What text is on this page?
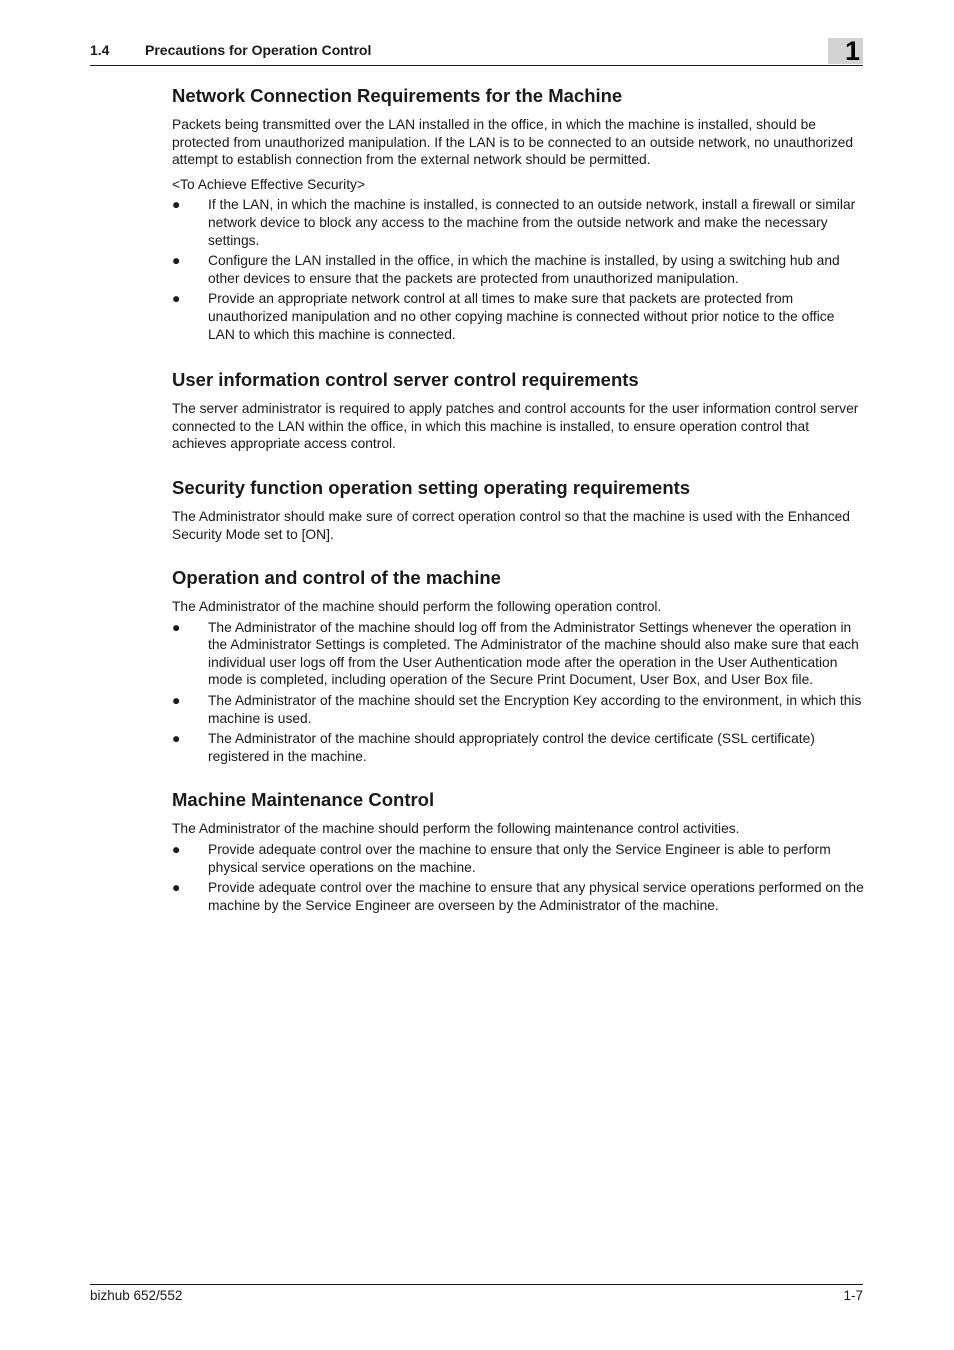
1.4	Precautions for Operation Control	1
Network Connection Requirements for the Machine

Packets being transmitted over the LAN installed in the office, in which the machine is installed, should be protected from unauthorized manipulation. If the LAN is to be connected to an outside network, no unauthorized attempt to establish connection from the external network should be permitted.

<To Achieve Effective Security>

● If the LAN, in which the machine is installed, is connected to an outside network, install a firewall or similar network device to block any access to the machine from the outside network and make the necessary settings.
● Configure the LAN installed in the office, in which the machine is installed, by using a switching hub and other devices to ensure that the packets are protected from unauthorized manipulation.
● Provide an appropriate network control at all times to make sure that packets are protected from unauthorized manipulation and no other copying machine is connected without prior notice to the office LAN to which this machine is connected.
User information control server control requirements

The server administrator is required to apply patches and control accounts for the user information control server connected to the LAN within the office, in which this machine is installed, to ensure operation control that achieves appropriate access control.

Security function operation setting operating requirements

The Administrator should make sure of correct operation control so that the machine is used with the Enhanced Security Mode set to [ON].

Operation and control of the machine

The Administrator of the machine should perform the following operation control.

● The Administrator of the machine should log off from the Administrator Settings whenever the operation in the Administrator Settings is completed. The Administrator of the machine should also make sure that each individual user logs off from the User Authentication mode after the operation in the User Authentication mode is completed, including operation of the Secure Print Document, User Box, and User Box file.
● The Administrator of the machine should set the Encryption Key according to the environment, in which this machine is used.
● The Administrator of the machine should appropriately control the device certificate (SSL certificate) registered in the machine.
Machine Maintenance Control

The Administrator of the machine should perform the following maintenance control activities.

● Provide adequate control over the machine to ensure that only the Service Engineer is able to perform physical service operations on the machine.
● Provide adequate control over the machine to ensure that any physical service operations performed on the machine by the Service Engineer are overseen by the Administrator of the machine.
bizhub 652/552	1-7
